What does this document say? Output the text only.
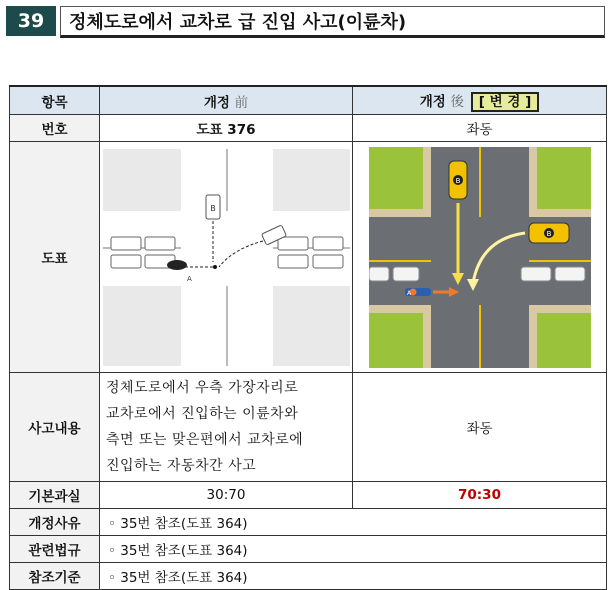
39	정체도로에서 교차로 급 진입 사고(이륜차)
항목	개정 前	개정 後 [ 변 경 ]
번호	도표 376	좌동
도표	B
A	B
B
A

사고내용	정체도로에서 우측 가장자리로
교차로에서 진입하는 이륜차와
측면 또는 맞은편에서 교차로에
진입하는 자동차간 사고	좌동
기본과실	30:70	70:30
개정사유	◦ 35번 참조(도표 364)	
관련법규	◦ 35번 참조(도표 364)	
참조기준	◦ 35번 참조(도표 364)	
